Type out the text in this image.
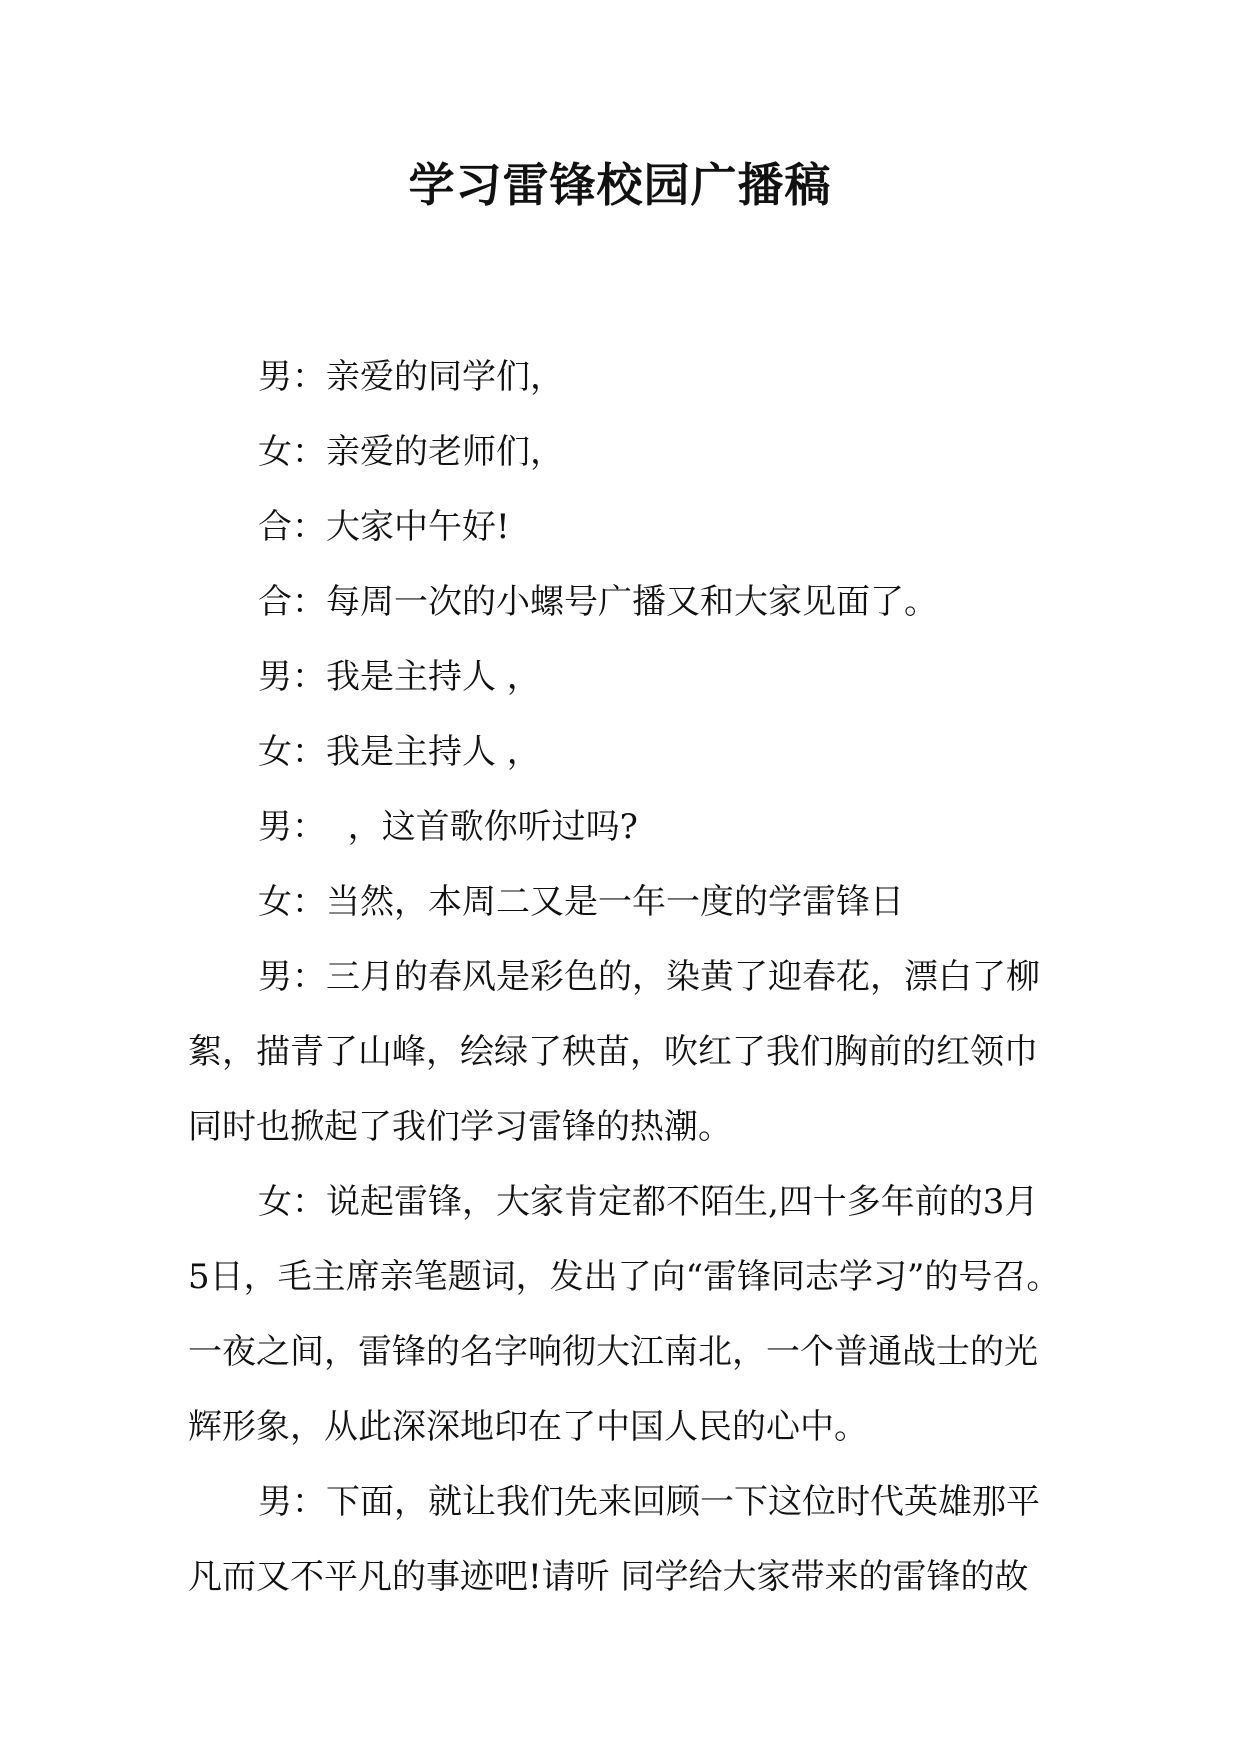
学习雷锋校园广播稿
男：亲爱的同学们，
女：亲爱的老师们，
合：大家中午好!
合：每周一次的小螺号广播又和大家见面了。
男：我是主持人 ，
女：我是主持人 ，
男：  ，这首歌你听过吗?
女：当然，本周二又是一年一度的学雷锋日
男：三月的春风是彩色的，染黄了迎春花，漂白了柳
絮，描青了山峰，绘绿了秧苗，吹红了我们胸前的红领巾
同时也掀起了我们学习雷锋的热潮。
女：说起雷锋，大家肯定都不陌生,四十多年前的3月
5日，毛主席亲笔题词，发出了向“雷锋同志学习”的号召。
一夜之间，雷锋的名字响彻大江南北，一个普通战士的光
辉形象，从此深深地印在了中国人民的心中。
男：下面，就让我们先来回顾一下这位时代英雄那平
凡而又不平凡的事迹吧!请听 同学给大家带来的雷锋的故
